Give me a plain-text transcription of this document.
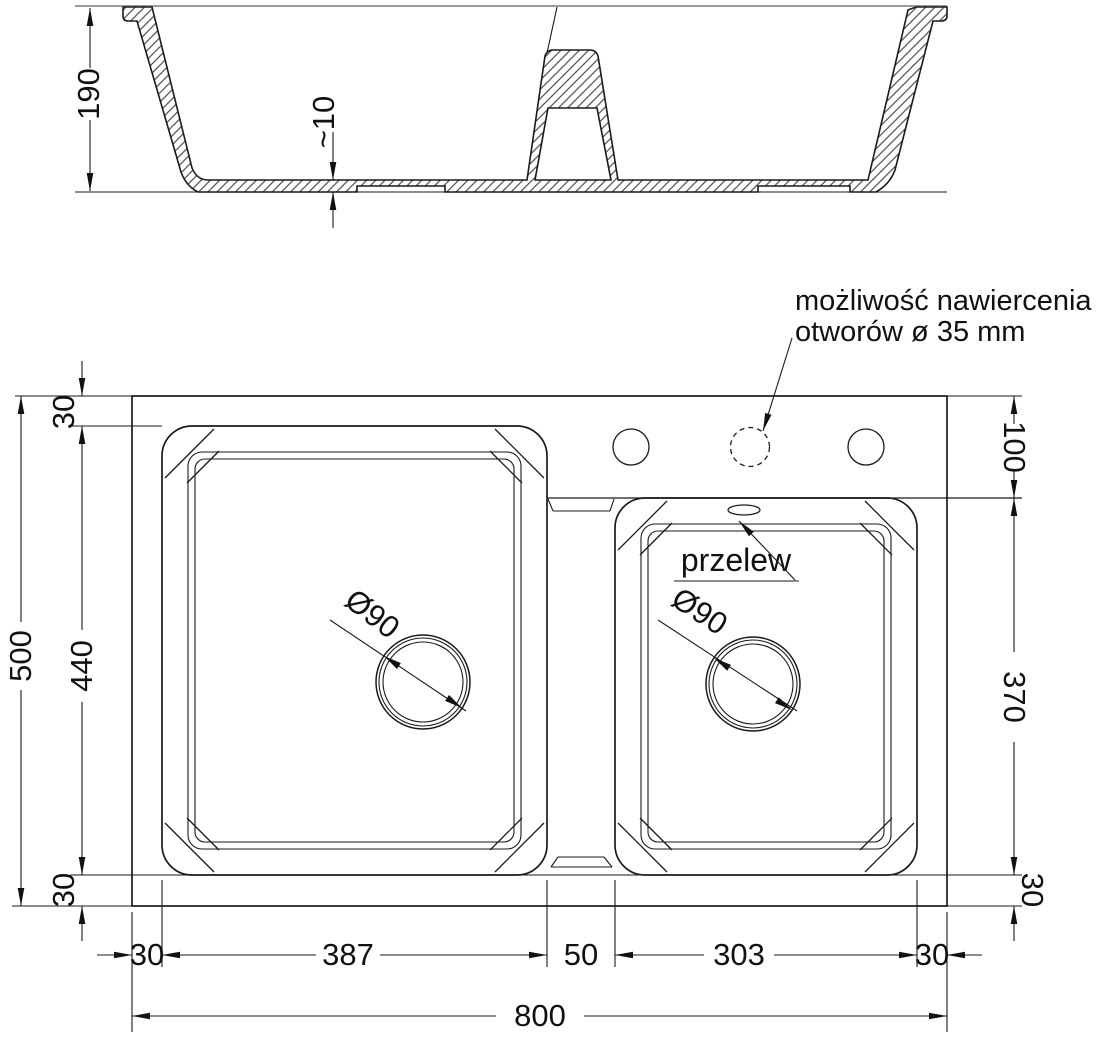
190
~10
Ø90	Ø90
przelew
możliwość nawiercenia
otworów ø 35 mm
500
30
440
30
100
370
30
30	387	50	303	30
800
